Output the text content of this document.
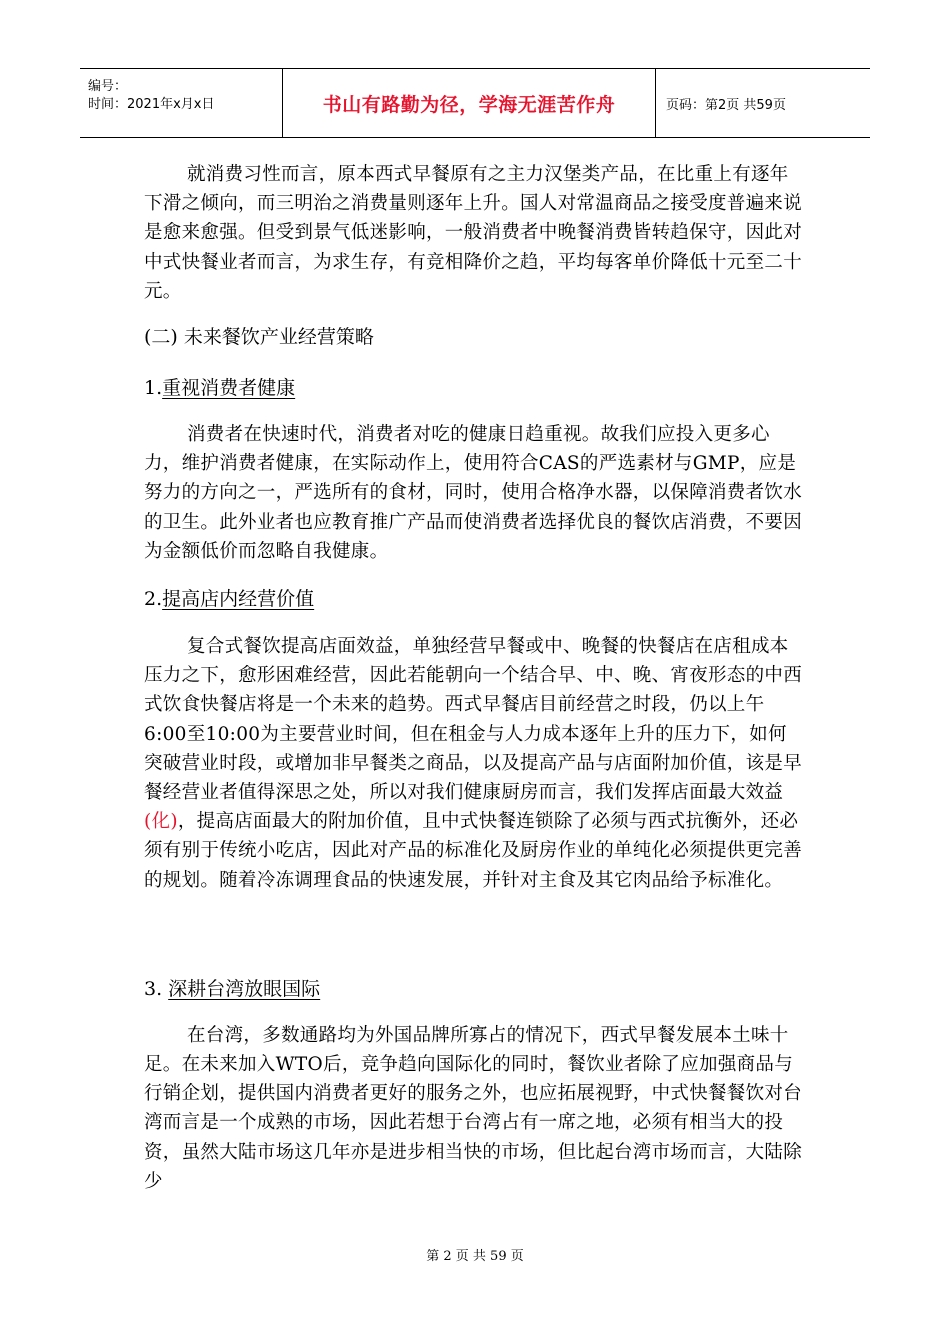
编号：
时间：2021年x月x日	书山有路勤为径，学海无涯苦作舟	页码：第2页 共59页

就消费习性而言，原本西式早餐原有之主力汉堡类产品，在比重上有逐年下滑之倾向，而三明治之消费量则逐年上升。国人对常温商品之接受度普遍来说是愈来愈强。但受到景气低迷影响，一般消费者中晚餐消费皆转趋保守，因此对中式快餐业者而言，为求生存，有竞相降价之趋，平均每客单价降低十元至二十元。

(二) 未来餐饮产业经营策略

1.重视消费者健康

消费者在快速时代，消费者对吃的健康日趋重视。故我们应投入更多心力，维护消费者健康，在实际动作上，使用符合CAS的严选素材与GMP，应是努力的方向之一，严选所有的食材，同时，使用合格净水器，以保障消费者饮水的卫生。此外业者也应教育推广产品而使消费者选择优良的餐饮店消费，不要因为金额低价而忽略自我健康。

2.提高店内经营价值

复合式餐饮提高店面效益，单独经营早餐或中、晚餐的快餐店在店租成本压力之下，愈形困难经营，因此若能朝向一个结合早、中、晚、宵夜形态的中西式饮食快餐店将是一个未来的趋势。西式早餐店目前经营之时段，仍以上午6:00至10:00为主要营业时间，但在租金与人力成本逐年上升的压力下，如何突破营业时段，或增加非早餐类之商品，以及提高产品与店面附加价值，该是早餐经营业者值得深思之处，所以对我们健康厨房而言，我们发挥店面最大效益(化)，提高店面最大的附加价值，且中式快餐连锁除了必须与西式抗衡外，还必须有别于传统小吃店，因此对产品的标准化及厨房作业的单纯化必须提供更完善的规划。随着冷冻调理食品的快速发展，并针对主食及其它肉品给予标准化。

3. 深耕台湾放眼国际

在台湾，多数通路均为外国品牌所寡占的情况下，西式早餐发展本土味十足。在未来加入WTO后，竞争趋向国际化的同时，餐饮业者除了应加强商品与行销企划，提供国内消费者更好的服务之外，也应拓展视野，中式快餐餐饮对台湾而言是一个成熟的市场，因此若想于台湾占有一席之地，必须有相当大的投资，虽然大陆市场这几年亦是进步相当快的市场，但比起台湾市场而言，大陆除少

第 2 页 共 59 页
